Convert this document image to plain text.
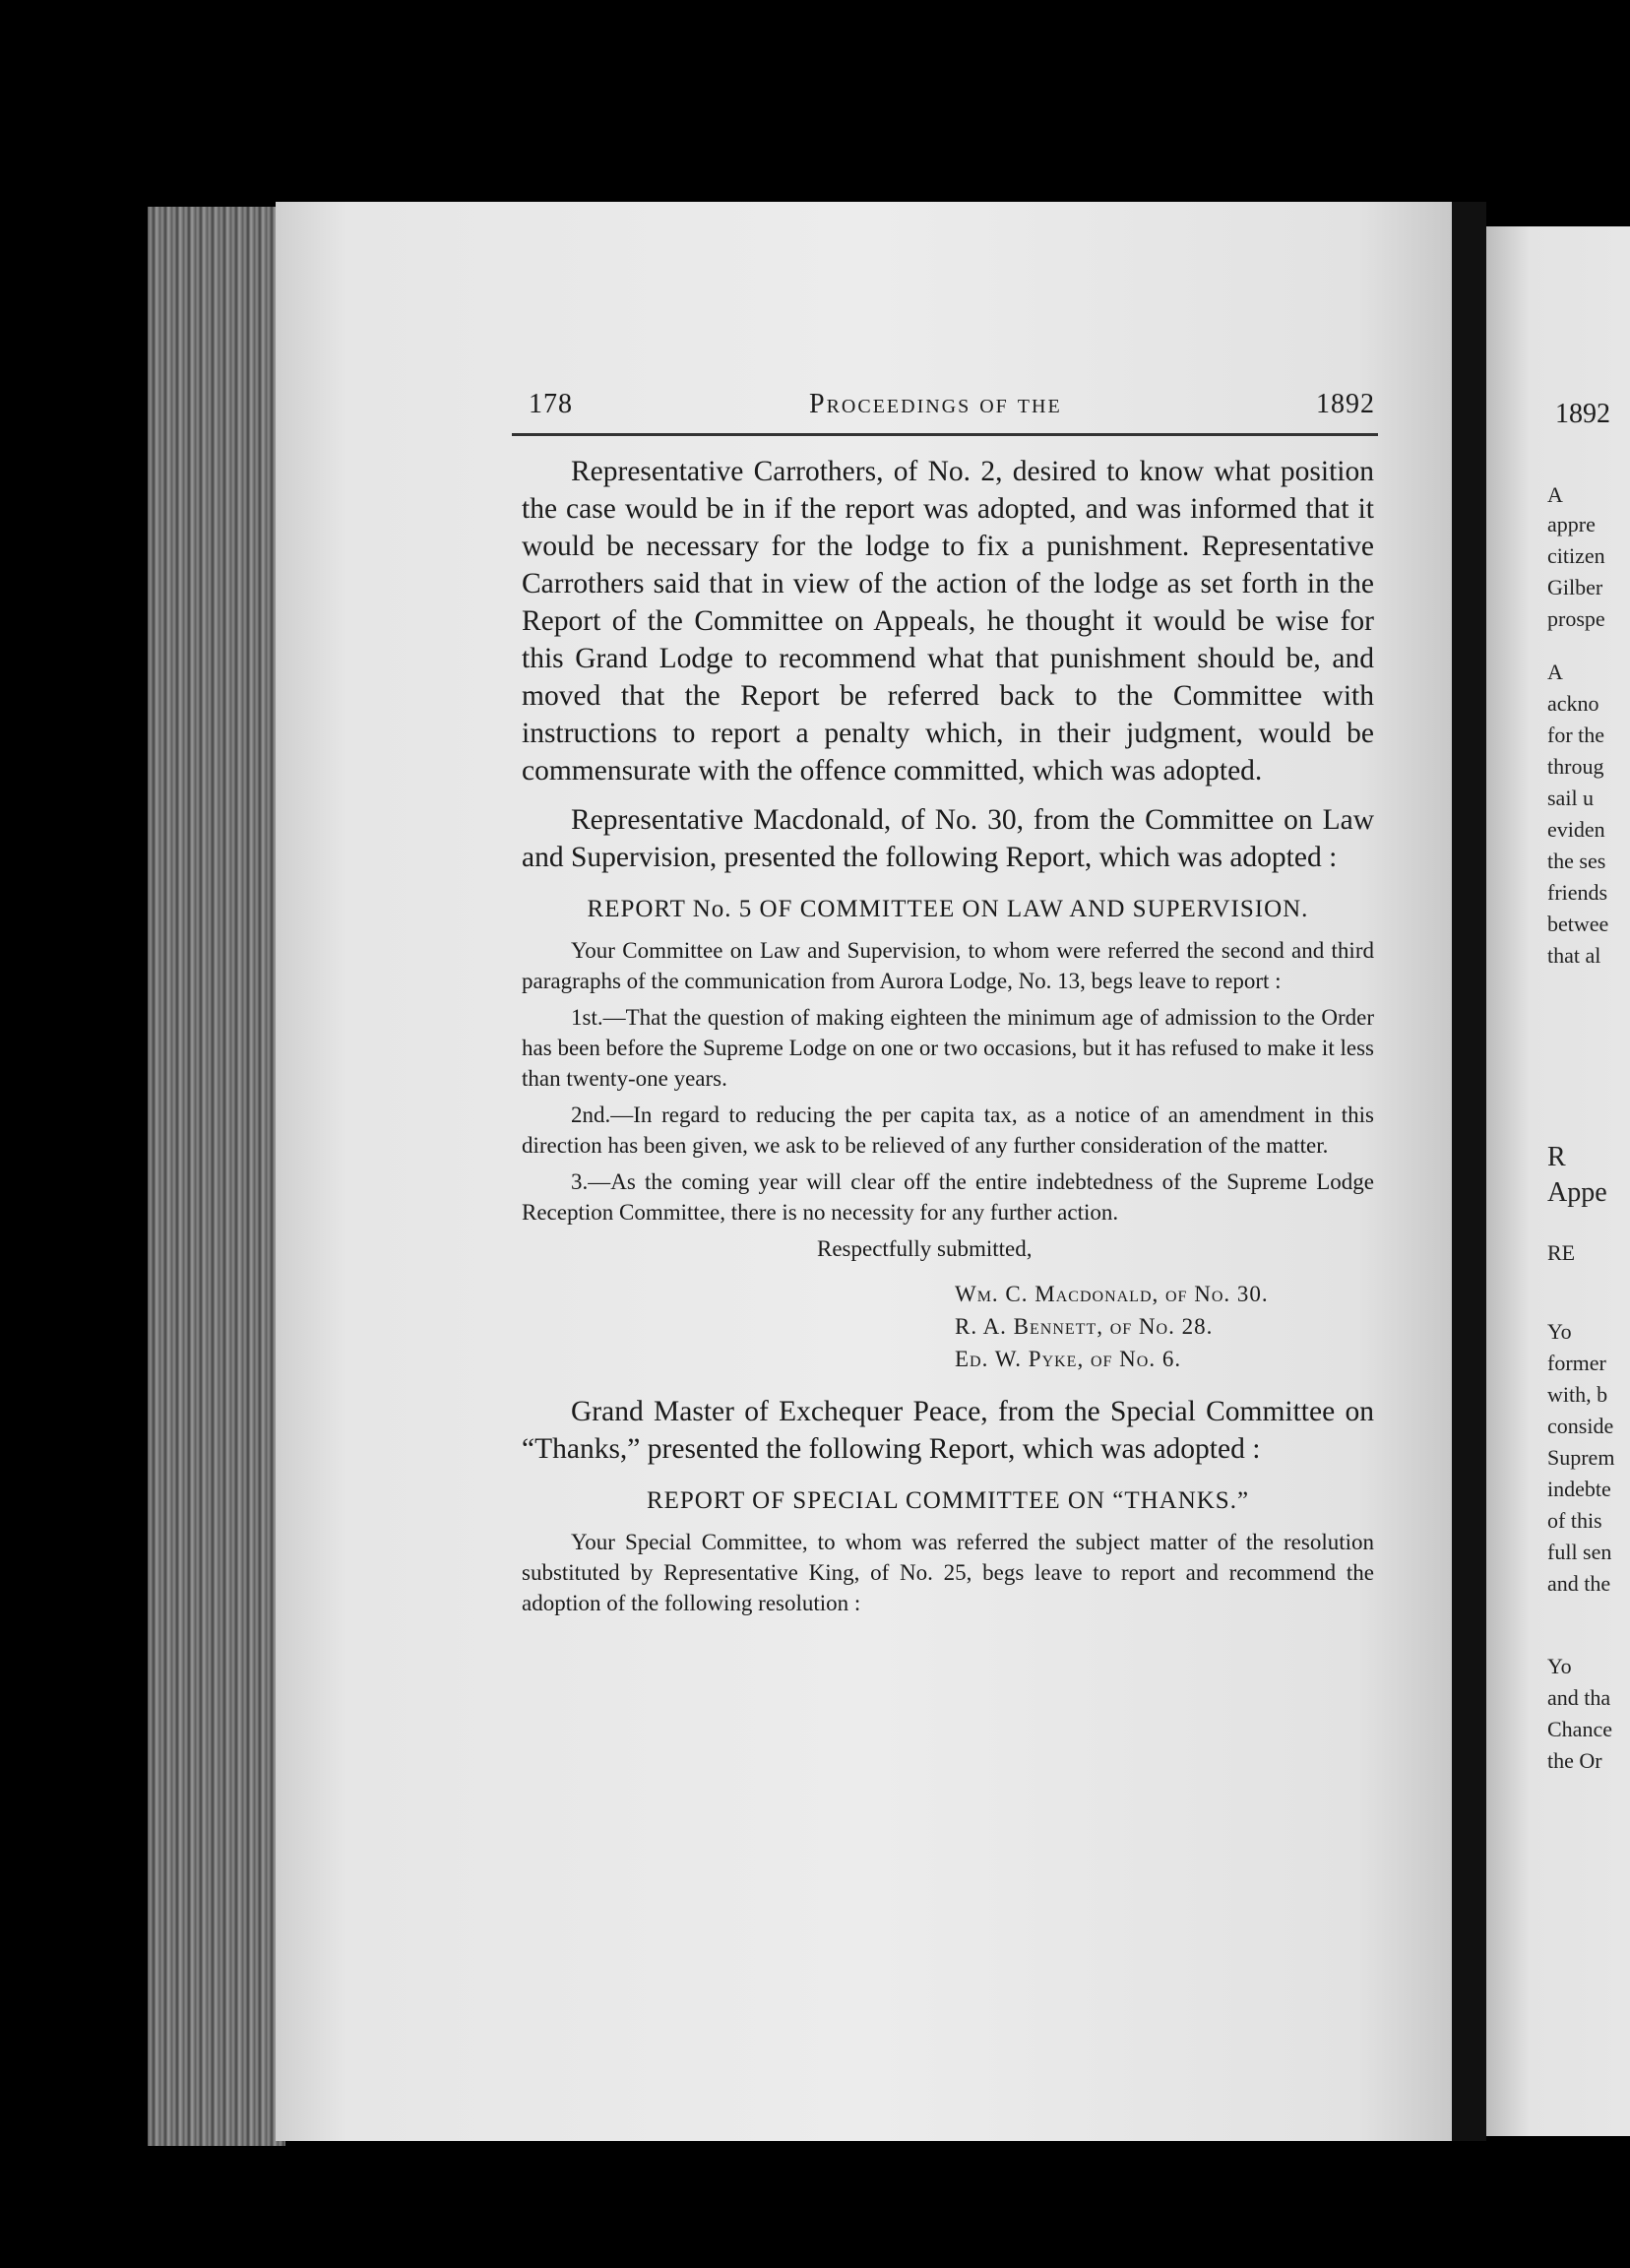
1892
A
appre
citizen
Gilber
prospe
A
ackno
for the
throug
sail u
eviden
the ses
friends
betwee
that al
R
Appe
RE
Yo
former
with, b
conside
Suprem
indebte
of this
full sen
and the
Yo
and tha
Chance
the Or
178	Proceedings of the	1892

Representative Carrothers, of No. 2, desired to know what position the case would be in if the report was adopted, and was informed that it would be necessary for the lodge to fix a punishment. Representative Carrothers said that in view of the action of the lodge as set forth in the Report of the Committee on Appeals, he thought it would be wise for this Grand Lodge to recommend what that punishment should be, and moved that the Report be referred back to the Committee with instructions to report a penalty which, in their judgment, would be commensurate with the offence committed, which was adopted.

Representative Macdonald, of No. 30, from the Committee on Law and Supervision, presented the following Report, which was adopted :

REPORT No. 5 OF COMMITTEE ON LAW AND SUPERVISION.

Your Committee on Law and Supervision, to whom were referred the second and third paragraphs of the communication from Aurora Lodge, No. 13, begs leave to report :

1st.—That the question of making eighteen the minimum age of admission to the Order has been before the Supreme Lodge on one or two occasions, but it has refused to make it less than twenty-one years.

2nd.—In regard to reducing the per capita tax, as a notice of an amendment in this direction has been given, we ask to be relieved of any further consideration of the matter.

3.—As the coming year will clear off the entire indebtedness of the Supreme Lodge Reception Committee, there is no necessity for any further action.

Respectfully submitted,
Wm. C. Macdonald, of No. 30.
R. A. Bennett, of No. 28.
Ed. W. Pyke, of No. 6.

Grand Master of Exchequer Peace, from the Special Committee on “Thanks,” presented the following Report, which was adopted :

REPORT OF SPECIAL COMMITTEE ON “THANKS.”

Your Special Committee, to whom was referred the subject matter of the resolution substituted by Representative King, of No. 25, begs leave to report and recommend the adoption of the following resolution :
